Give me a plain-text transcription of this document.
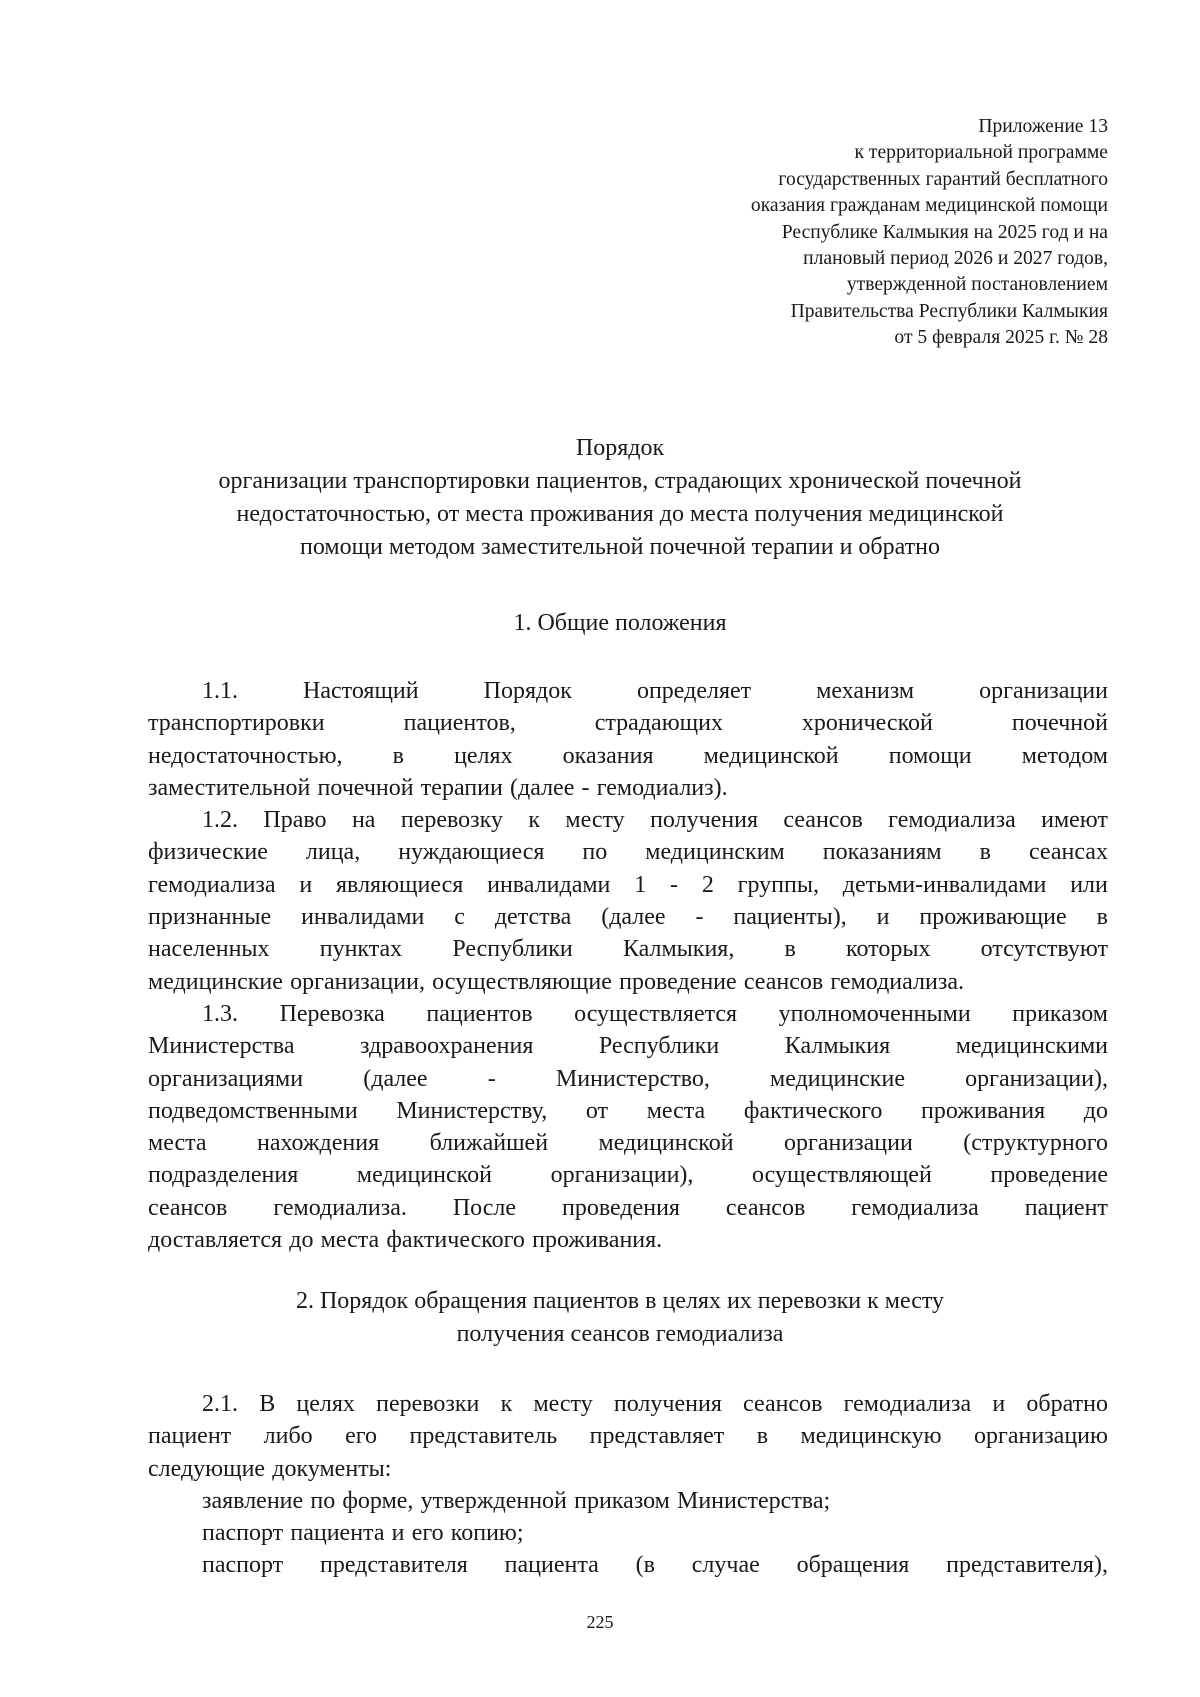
Приложение 13
к территориальной программе
государственных гарантий бесплатного
оказания гражданам медицинской помощи
Республике Калмыкия на 2025 год и на
плановый период 2026 и 2027 годов,
утвержденной постановлением
Правительства Республики Калмыкия
от 5 февраля 2025 г. № 28
Порядок
организации транспортировки пациентов, страдающих хронической почечной
недостаточностью, от места проживания до места получения медицинской
помощи методом заместительной почечной терапии и обратно
1. Общие положения
1.1.	Настоящий	Порядок	определяет	механизм	организации
транспортировки	пациентов,	страдающих	хронической	почечной
недостаточностью, в целях оказания медицинской помощи методом
заместительной почечной терапии (далее - гемодиализ).
1.2. Право на перевозку к месту получения сеансов гемодиализа имеют
физические лица, нуждающиеся по медицинским показаниям в сеансах
гемодиализа и являющиеся инвалидами 1 - 2 группы, детьми-инвалидами или
признанные инвалидами с детства (далее - пациенты), и проживающие в
населенных пунктах Республики Калмыкия, в которых отсутствуют
медицинские организации, осуществляющие проведение сеансов гемодиализа.
1.3. Перевозка пациентов осуществляется уполномоченными приказом
Министерства	здравоохранения	Республики	Калмыкия	медицинскими
организациями	(далее	-	Министерство,	медицинские	организации),
подведомственными Министерству, от места фактического проживания до
места нахождения ближайшей медицинской организации (структурного
подразделения медицинской организации), осуществляющей проведение
сеансов гемодиализа. После проведения сеансов гемодиализа пациент
доставляется до места фактического проживания.
2. Порядок обращения пациентов в целях их перевозки к месту
получения сеансов гемодиализа
2.1. В целях перевозки к месту получения сеансов гемодиализа и обратно
пациент либо его представитель представляет в медицинскую организацию
следующие документы:
заявление по форме, утвержденной приказом Министерства;
паспорт пациента и его копию;
паспорт представителя пациента (в случае обращения представителя),
225
